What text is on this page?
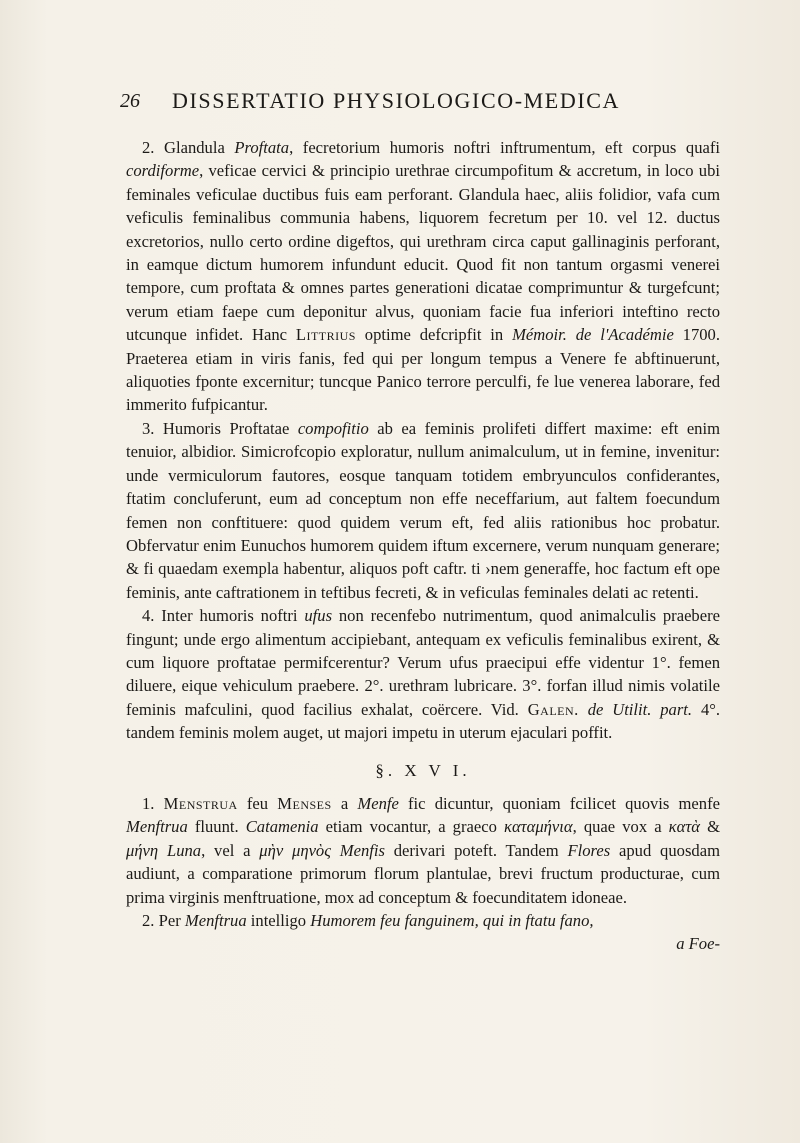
26 DISSERTATIO PHYSIOLOGICO-MEDICA

2. Glandula Proftata, fecretorium humoris noftri inftrumentum, eft corpus quafi cordiforme, veficae cervici & principio urethrae circumpofitum & accretum, in loco ubi feminales veficulae ductibus fuis eam perforant. Glandula haec, aliis folidior, vafa cum veficulis feminalibus communia habens, liquorem fecretum per 10. vel 12. ductus excretorios, nullo certo ordine digeftos, qui urethram circa caput gallinaginis perforant, in eamque dictum humorem infundunt educit. Quod fit non tantum orgasmi venerei tempore, cum proftata & omnes partes generationi dicatae comprimuntur & turgefcunt; verum etiam faepe cum deponitur alvus, quoniam facie fua inferiori inteftino recto utcunque infidet. Hanc Littrius optime defcripfit in Mémoir. de l'Académie 1700. Praeterea etiam in viris fanis, fed qui per longum tempus a Venere fe abftinuerunt, aliquoties fponte excernitur; tuncque Panico terrore perculfi, fe lue venerea laborare, fed immerito fufpicantur.

3. Humoris Proftatae compofitio ab ea feminis prolifeti differt maxime: eft enim tenuior, albidior. Simicrofcopio exploratur, nullum animalculum, ut in femine, invenitur: unde vermiculorum fautores, eosque tanquam totidem embryunculos confiderantes, ftatim concluferunt, eum ad conceptum non effe neceffarium, aut faltem foecundum femen non conftituere: quod quidem verum eft, fed aliis rationibus hoc probatur. Obfervatur enim Eunuchos humorem quidem iftum excernere, verum nunquam generare; & fi quaedam exempla habentur, aliquos poft caftr. ti ›nem generaffe, hoc factum eft ope feminis, ante caftrationem in teftibus fecreti, & in veficulas feminales delati ac retenti.

4. Inter humoris noftri ufus non recenfebo nutrimentum, quod animalculis praebere fingunt; unde ergo alimentum accipiebant, antequam ex veficulis feminalibus exirent, & cum liquore proftatae permifcerentur? Verum ufus praecipui effe videntur 1°. femen diluere, eique vehiculum praebere. 2°. urethram lubricare. 3°. forfan illud nimis volatile feminis mafculini, quod facilius exhalat, coërcere. Vid. Galen. de Utilit. part. 4°. tandem feminis molem auget, ut majori impetu in uterum ejaculari poffit.

§. X V I.

1. Menstrua feu Menses a Menfe fic dicuntur, quoniam fcilicet quovis menfe Menftrua fluunt. Catamenia etiam vocantur, a graeco καταμήνια, quae vox a κατὰ & μήνη Luna, vel a μὴν μηνὸς Menfis derivari poteft. Tandem Flores apud quosdam audiunt, a comparatione primorum florum plantulae, brevi fructum producturae, cum prima virginis menftruatione, mox ad conceptum & foecunditatem idoneae.

2. Per Menftrua intelligo Humorem feu fanguinem, qui in ftatu fano,

a Foe-
